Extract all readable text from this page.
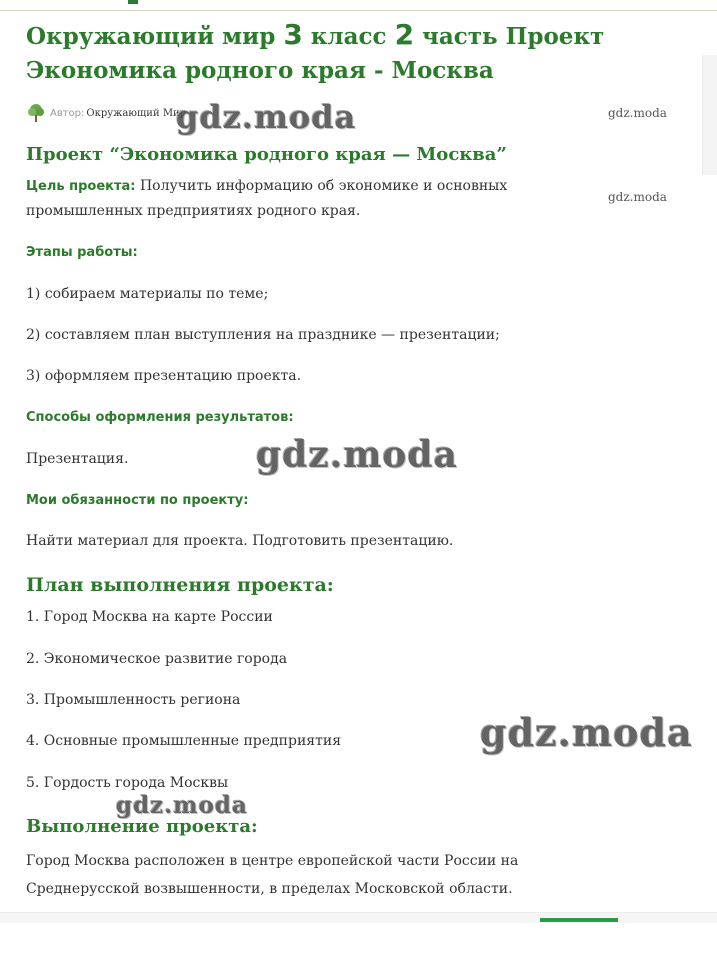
Окружающий мир 3 класс 2 часть Проект
Экономика родного края - Москва
Автор: Окружающий Мир	gdz.moda
gdz.moda
gdz.moda
gdz.moda
gdz.moda
gdz.moda
Проект “Экономика родного края — Москва”

Цель проекта: Получить информацию об экономике и основных промышленных предприятиях родного края.

Этапы работы:

1) собираем материалы по теме;

2) составляем план выступления на празднике — презентации;

3) оформляем презентацию проекта.

Способы оформления результатов:

Презентация.

Мои обязанности по проекту:

Найти материал для проекта. Подготовить презентацию.

План выполнения проекта:

1. Город Москва на карте России

2. Экономическое развитие города

3. Промышленность региона

4. Основные промышленные предприятия

5. Гордость города Москвы

Выполнение проекта:

Город Москва расположен в центре европейской части России на Среднерусской возвышенности, в пределах Московской области.
